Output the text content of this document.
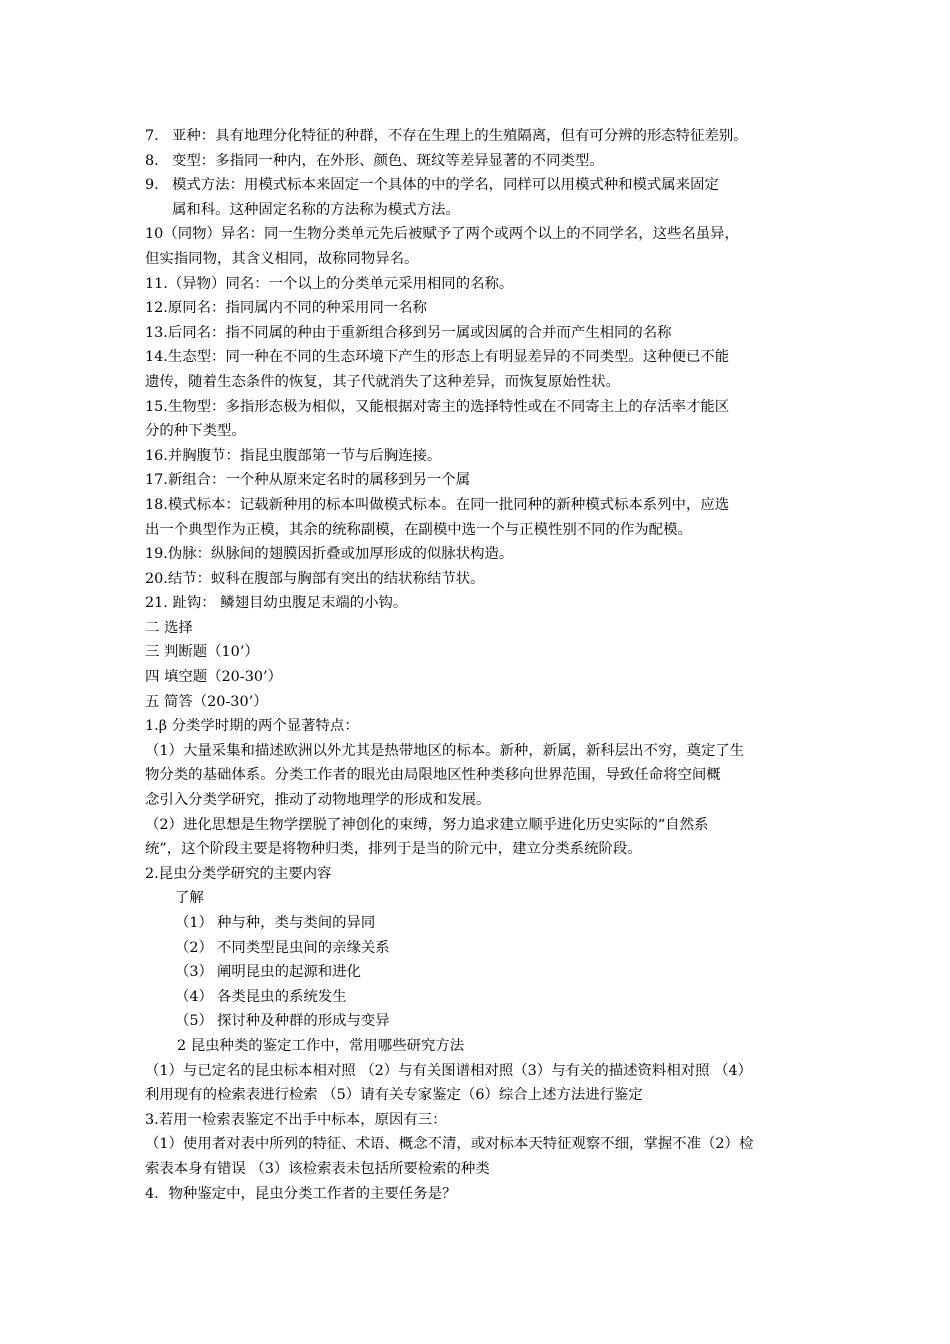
7. 亚种：具有地理分化特征的种群，不存在生理上的生殖隔离，但有可分辨的形态特征差别。
8. 变型：多指同一种内，在外形、颜色、斑纹等差异显著的不同类型。
9. 模式方法：用模式标本来固定一个具体的中的学名，同样可以用模式种和模式属来固定
属和科。这种固定名称的方法称为模式方法。
10（同物）异名：同一生物分类单元先后被赋予了两个或两个以上的不同学名，这些名虽异，
但实指同物，其含义相同，故称同物异名。
11.（异物）同名：一个以上的分类单元采用相同的名称。
12.原同名：指同属内不同的种采用同一名称
13.后同名：指不同属的种由于重新组合移到另一属或因属的合并而产生相同的名称
14.生态型：同一种在不同的生态环境下产生的形态上有明显差异的不同类型。这种便已不能
遗传，随着生态条件的恢复，其子代就消失了这种差异，而恢复原始性状。
15.生物型：多指形态极为相似，又能根据对寄主的选择特性或在不同寄主上的存活率才能区
分的种下类型。
16.并胸腹节：指昆虫腹部第一节与后胸连接。
17.新组合：一个种从原来定名时的属移到另一个属
18.模式标本：记载新种用的标本叫做模式标本。在同一批同种的新种模式标本系列中，应选
出一个典型作为正模，其余的统称副模，在副模中选一个与正模性别不同的作为配模。
19.伪脉：纵脉间的翅膜因折叠或加厚形成的似脉状构造。
20.结节：蚁科在腹部与胸部有突出的结状称结节状。
21. 趾钩： 鳞翅目幼虫腹足末端的小钩。
二 选择
三 判断题（10’）
四 填空题（20-30’）
五 简答（20-30’）
1.β 分类学时期的两个显著特点：
（1）大量采集和描述欧洲以外尤其是热带地区的标本。新种，新属，新科层出不穷，奠定了生
物分类的基础体系。分类工作者的眼光由局限地区性种类移向世界范围，导致任命将空间概
念引入分类学研究，推动了动物地理学的形成和发展。
（2）进化思想是生物学摆脱了神创化的束缚，努力追求建立顺乎进化历史实际的“自然系
统”，这个阶段主要是将物种归类，排列于是当的阶元中，建立分类系统阶段。
2.昆虫分类学研究的主要内容
了解
（1） 种与种，类与类间的异同
（2） 不同类型昆虫间的亲缘关系
（3） 阐明昆虫的起源和进化
（4） 各类昆虫的系统发生
（5） 探讨种及种群的形成与变异
2 昆虫种类的鉴定工作中，常用哪些研究方法
（1）与已定名的昆虫标本相对照 （2）与有关图谱相对照（3）与有关的描述资料相对照 （4）
利用现有的检索表进行检索 （5）请有关专家鉴定（6）综合上述方法进行鉴定
3.若用一检索表鉴定不出手中标本，原因有三：
（1）使用者对表中所列的特征、术语、概念不清，或对标本天特征观察不细，掌握不准（2）检
索表本身有错误 （3）该检索表未包括所要检索的种类
4．物种鉴定中，昆虫分类工作者的主要任务是？
